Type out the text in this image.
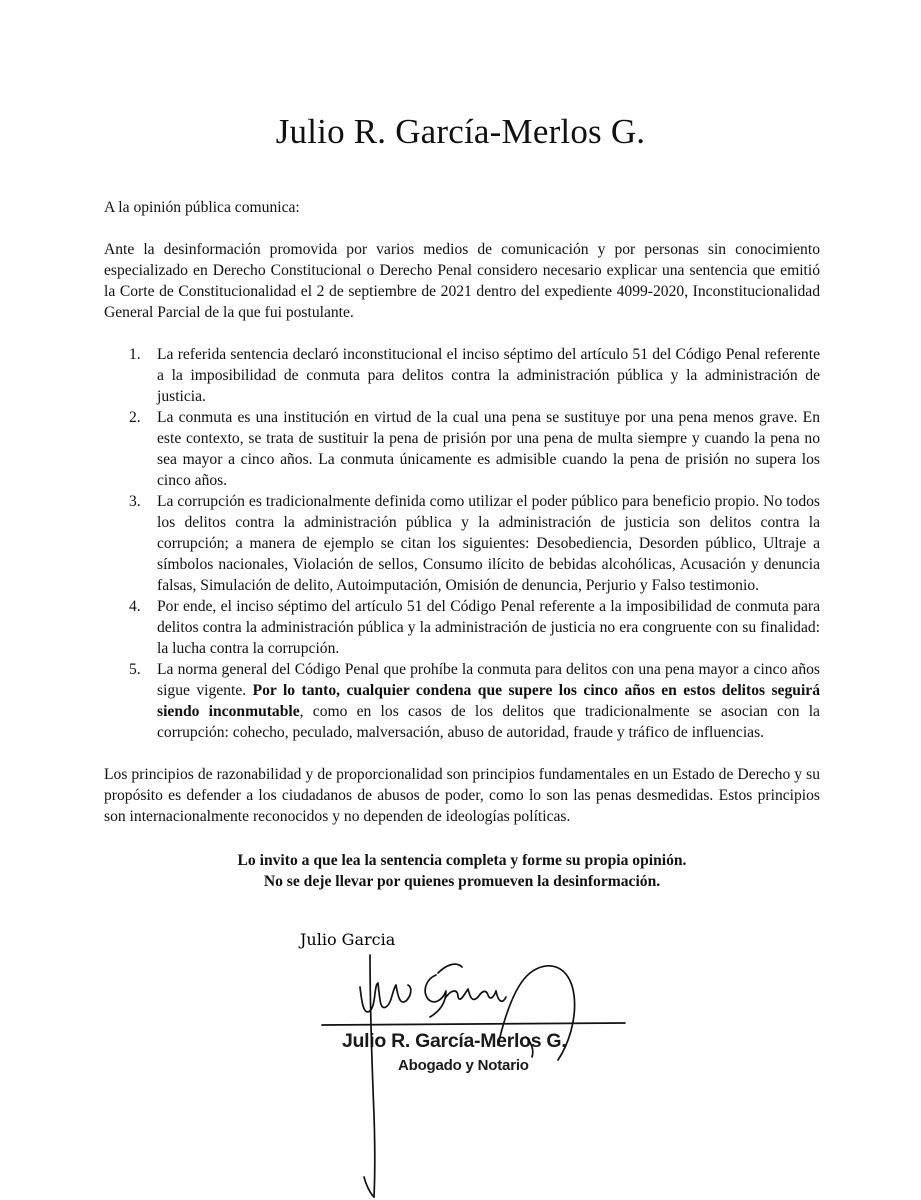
Julio R. García-Merlos G.

A la opinión pública comunica:

Ante la desinformación promovida por varios medios de comunicación y por personas sin conocimiento especializado en Derecho Constitucional o Derecho Penal considero necesario explicar una sentencia que emitió la Corte de Constitucionalidad el 2 de septiembre de 2021 dentro del expediente 4099-2020, Inconstitucionalidad General Parcial de la que fui postulante.

1. La referida sentencia declaró inconstitucional el inciso séptimo del artículo 51 del Código Penal referente a la imposibilidad de conmuta para delitos contra la administración pública y la administración de justicia.
2. La conmuta es una institución en virtud de la cual una pena se sustituye por una pena menos grave. En este contexto, se trata de sustituir la pena de prisión por una pena de multa siempre y cuando la pena no sea mayor a cinco años. La conmuta únicamente es admisible cuando la pena de prisión no supera los cinco años.
3. La corrupción es tradicionalmente definida como utilizar el poder público para beneficio propio. No todos los delitos contra la administración pública y la administración de justicia son delitos contra la corrupción; a manera de ejemplo se citan los siguientes: Desobediencia, Desorden público, Ultraje a símbolos nacionales, Violación de sellos, Consumo ilícito de bebidas alcohólicas, Acusación y denuncia falsas, Simulación de delito, Autoimputación, Omisión de denuncia, Perjurio y Falso testimonio.
4. Por ende, el inciso séptimo del artículo 51 del Código Penal referente a la imposibilidad de conmuta para delitos contra la administración pública y la administración de justicia no era congruente con su finalidad: la lucha contra la corrupción.
5. La norma general del Código Penal que prohíbe la conmuta para delitos con una pena mayor a cinco años sigue vigente. Por lo tanto, cualquier condena que supere los cinco años en estos delitos seguirá siendo inconmutable, como en los casos de los delitos que tradicionalmente se asocian con la corrupción: cohecho, peculado, malversación, abuso de autoridad, fraude y tráfico de influencias.

Los principios de razonabilidad y de proporcionalidad son principios fundamentales en un Estado de Derecho y su propósito es defender a los ciudadanos de abusos de poder, como lo son las penas desmedidas. Estos principios son internacionalmente reconocidos y no dependen de ideologías políticas.

Lo invito a que lea la sentencia completa y forme su propia opinión.
No se deje llevar por quienes promueven la desinformación.

Julio R. García-Merlos G.
Abogado y Notario
Julio Garcia
